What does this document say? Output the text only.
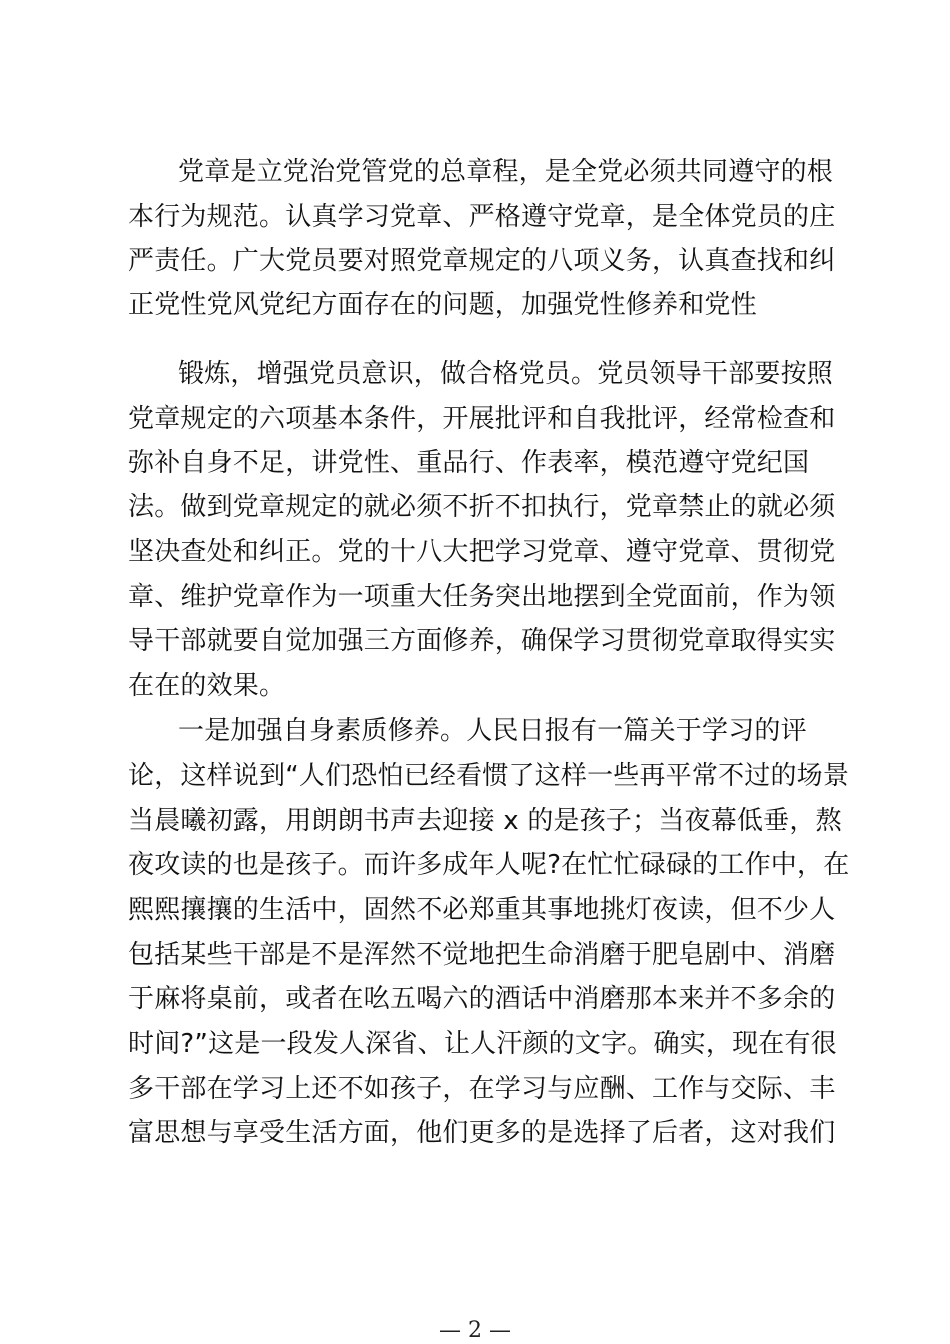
党章是立党治党管党的总章程，是全党必须共同遵守的根
本行为规范。认真学习党章、严格遵守党章，是全体党员的庄
严责任。广大党员要对照党章规定的八项义务，认真查找和纠
正党性党风党纪方面存在的问题，加强党性修养和党性
锻炼，增强党员意识，做合格党员。党员领导干部要按照
党章规定的六项基本条件，开展批评和自我批评，经常检查和
弥补自身不足，讲党性、重品行、作表率，模范遵守党纪国
法。做到党章规定的就必须不折不扣执行，党章禁止的就必须
坚决查处和纠正。党的十八大把学习党章、遵守党章、贯彻党
章、维护党章作为一项重大任务突出地摆到全党面前，作为领
导干部就要自觉加强三方面修养，确保学习贯彻党章取得实实
在在的效果。
一是加强自身素质修养。人民日报有一篇关于学习的评
论，这样说到“人们恐怕已经看惯了这样一些再平常不过的场景
当晨曦初露，用朗朗书声去迎接 x 的是孩子；当夜幕低垂，熬
夜攻读的也是孩子。而许多成年人呢?在忙忙碌碌的工作中，在
熙熙攘攘的生活中，固然不必郑重其事地挑灯夜读，但不少人
包括某些干部是不是浑然不觉地把生命消磨于肥皂剧中、消磨
于麻将桌前，或者在吆五喝六的酒话中消磨那本来并不多余的
时间?”这是一段发人深省、让人汗颜的文字。确实，现在有很
多干部在学习上还不如孩子，在学习与应酬、工作与交际、丰
富思想与享受生活方面，他们更多的是选择了后者，这对我们
— 2 —
